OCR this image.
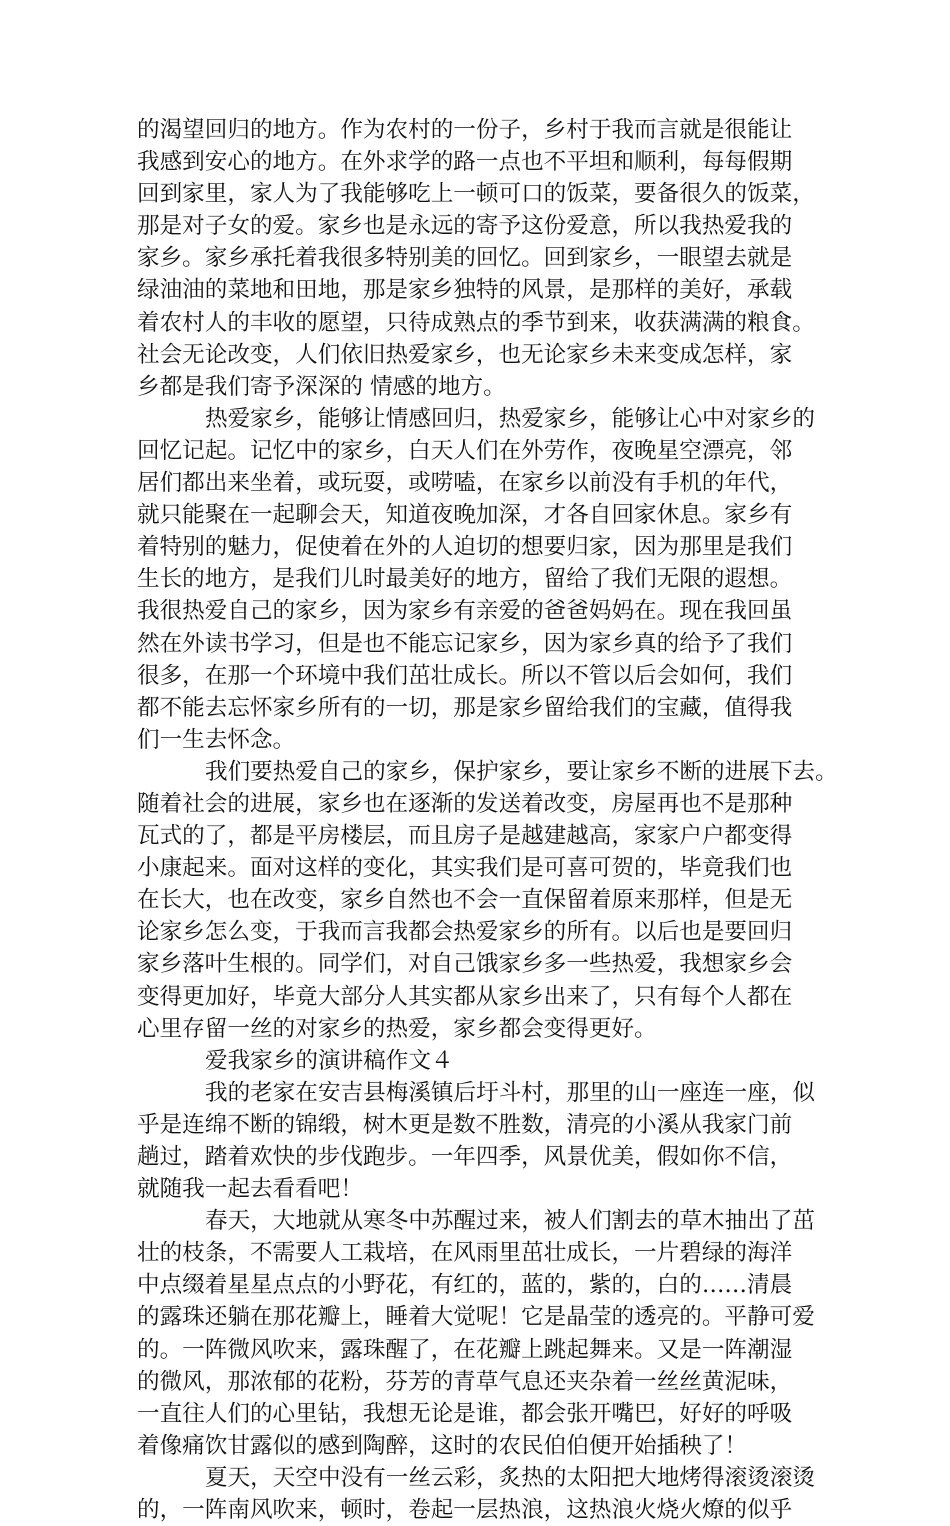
的渴望回归的地方。作为农村的一份子，乡村于我而言就是很能让
我感到安心的地方。在外求学的路一点也不平坦和顺利，每每假期
回到家里，家人为了我能够吃上一顿可口的饭菜，要备很久的饭菜，
那是对子女的爱。家乡也是永远的寄予这份爱意，所以我热爱我的
家乡。家乡承托着我很多特别美的回忆。回到家乡，一眼望去就是
绿油油的菜地和田地，那是家乡独特的风景，是那样的美好，承载
着农村人的丰收的愿望，只待成熟点的季节到来，收获满满的粮食。
社会无论改变，人们依旧热爱家乡，也无论家乡未来变成怎样，家
乡都是我们寄予深深的 情感的地方。
热爱家乡，能够让情感回归，热爱家乡，能够让心中对家乡的
回忆记起。记忆中的家乡，白天人们在外劳作，夜晚星空漂亮，邻
居们都出来坐着，或玩耍，或唠嗑，在家乡以前没有手机的年代，
就只能聚在一起聊会天，知道夜晚加深，才各自回家休息。家乡有
着特别的魅力，促使着在外的人迫切的想要归家，因为那里是我们
生长的地方，是我们儿时最美好的地方，留给了我们无限的遐想。
我很热爱自己的家乡，因为家乡有亲爱的爸爸妈妈在。现在我回虽
然在外读书学习，但是也不能忘记家乡，因为家乡真的给予了我们
很多，在那一个环境中我们茁壮成长。所以不管以后会如何，我们
都不能去忘怀家乡所有的一切，那是家乡留给我们的宝藏，值得我
们一生去怀念。
我们要热爱自己的家乡，保护家乡，要让家乡不断的进展下去。
随着社会的进展，家乡也在逐渐的发送着改变，房屋再也不是那种
瓦式的了，都是平房楼层，而且房子是越建越高，家家户户都变得
小康起来。面对这样的变化，其实我们是可喜可贺的，毕竟我们也
在长大，也在改变，家乡自然也不会一直保留着原来那样，但是无
论家乡怎么变，于我而言我都会热爱家乡的所有。以后也是要回归
家乡落叶生根的。同学们，对自己饿家乡多一些热爱，我想家乡会
变得更加好，毕竟大部分人其实都从家乡出来了，只有每个人都在
心里存留一丝的对家乡的热爱，家乡都会变得更好。
爱我家乡的演讲稿作文４
我的老家在安吉县梅溪镇后圩斗村，那里的山一座连一座，似
乎是连绵不断的锦缎，树木更是数不胜数，清亮的小溪从我家门前
趟过，踏着欢快的步伐跑步。一年四季，风景优美，假如你不信，
就随我一起去看看吧！
春天，大地就从寒冬中苏醒过来，被人们割去的草木抽出了茁
壮的枝条，不需要人工栽培，在风雨里茁壮成长，一片碧绿的海洋
中点缀着星星点点的小野花，有红的，蓝的，紫的，白的……清晨
的露珠还躺在那花瓣上，睡着大觉呢！它是晶莹的透亮的。平静可爱
的。一阵微风吹来，露珠醒了，在花瓣上跳起舞来。又是一阵潮湿
的微风，那浓郁的花粉，芬芳的青草气息还夹杂着一丝丝黄泥味，
一直往人们的心里钻，我想无论是谁，都会张开嘴巴，好好的呼吸
着像痛饮甘露似的感到陶醉，这时的农民伯伯便开始插秧了！
夏天，天空中没有一丝云彩，炙热的太阳把大地烤得滚烫滚烫
的，一阵南风吹来，顿时，卷起一层热浪，这热浪火烧火燎的似乎
